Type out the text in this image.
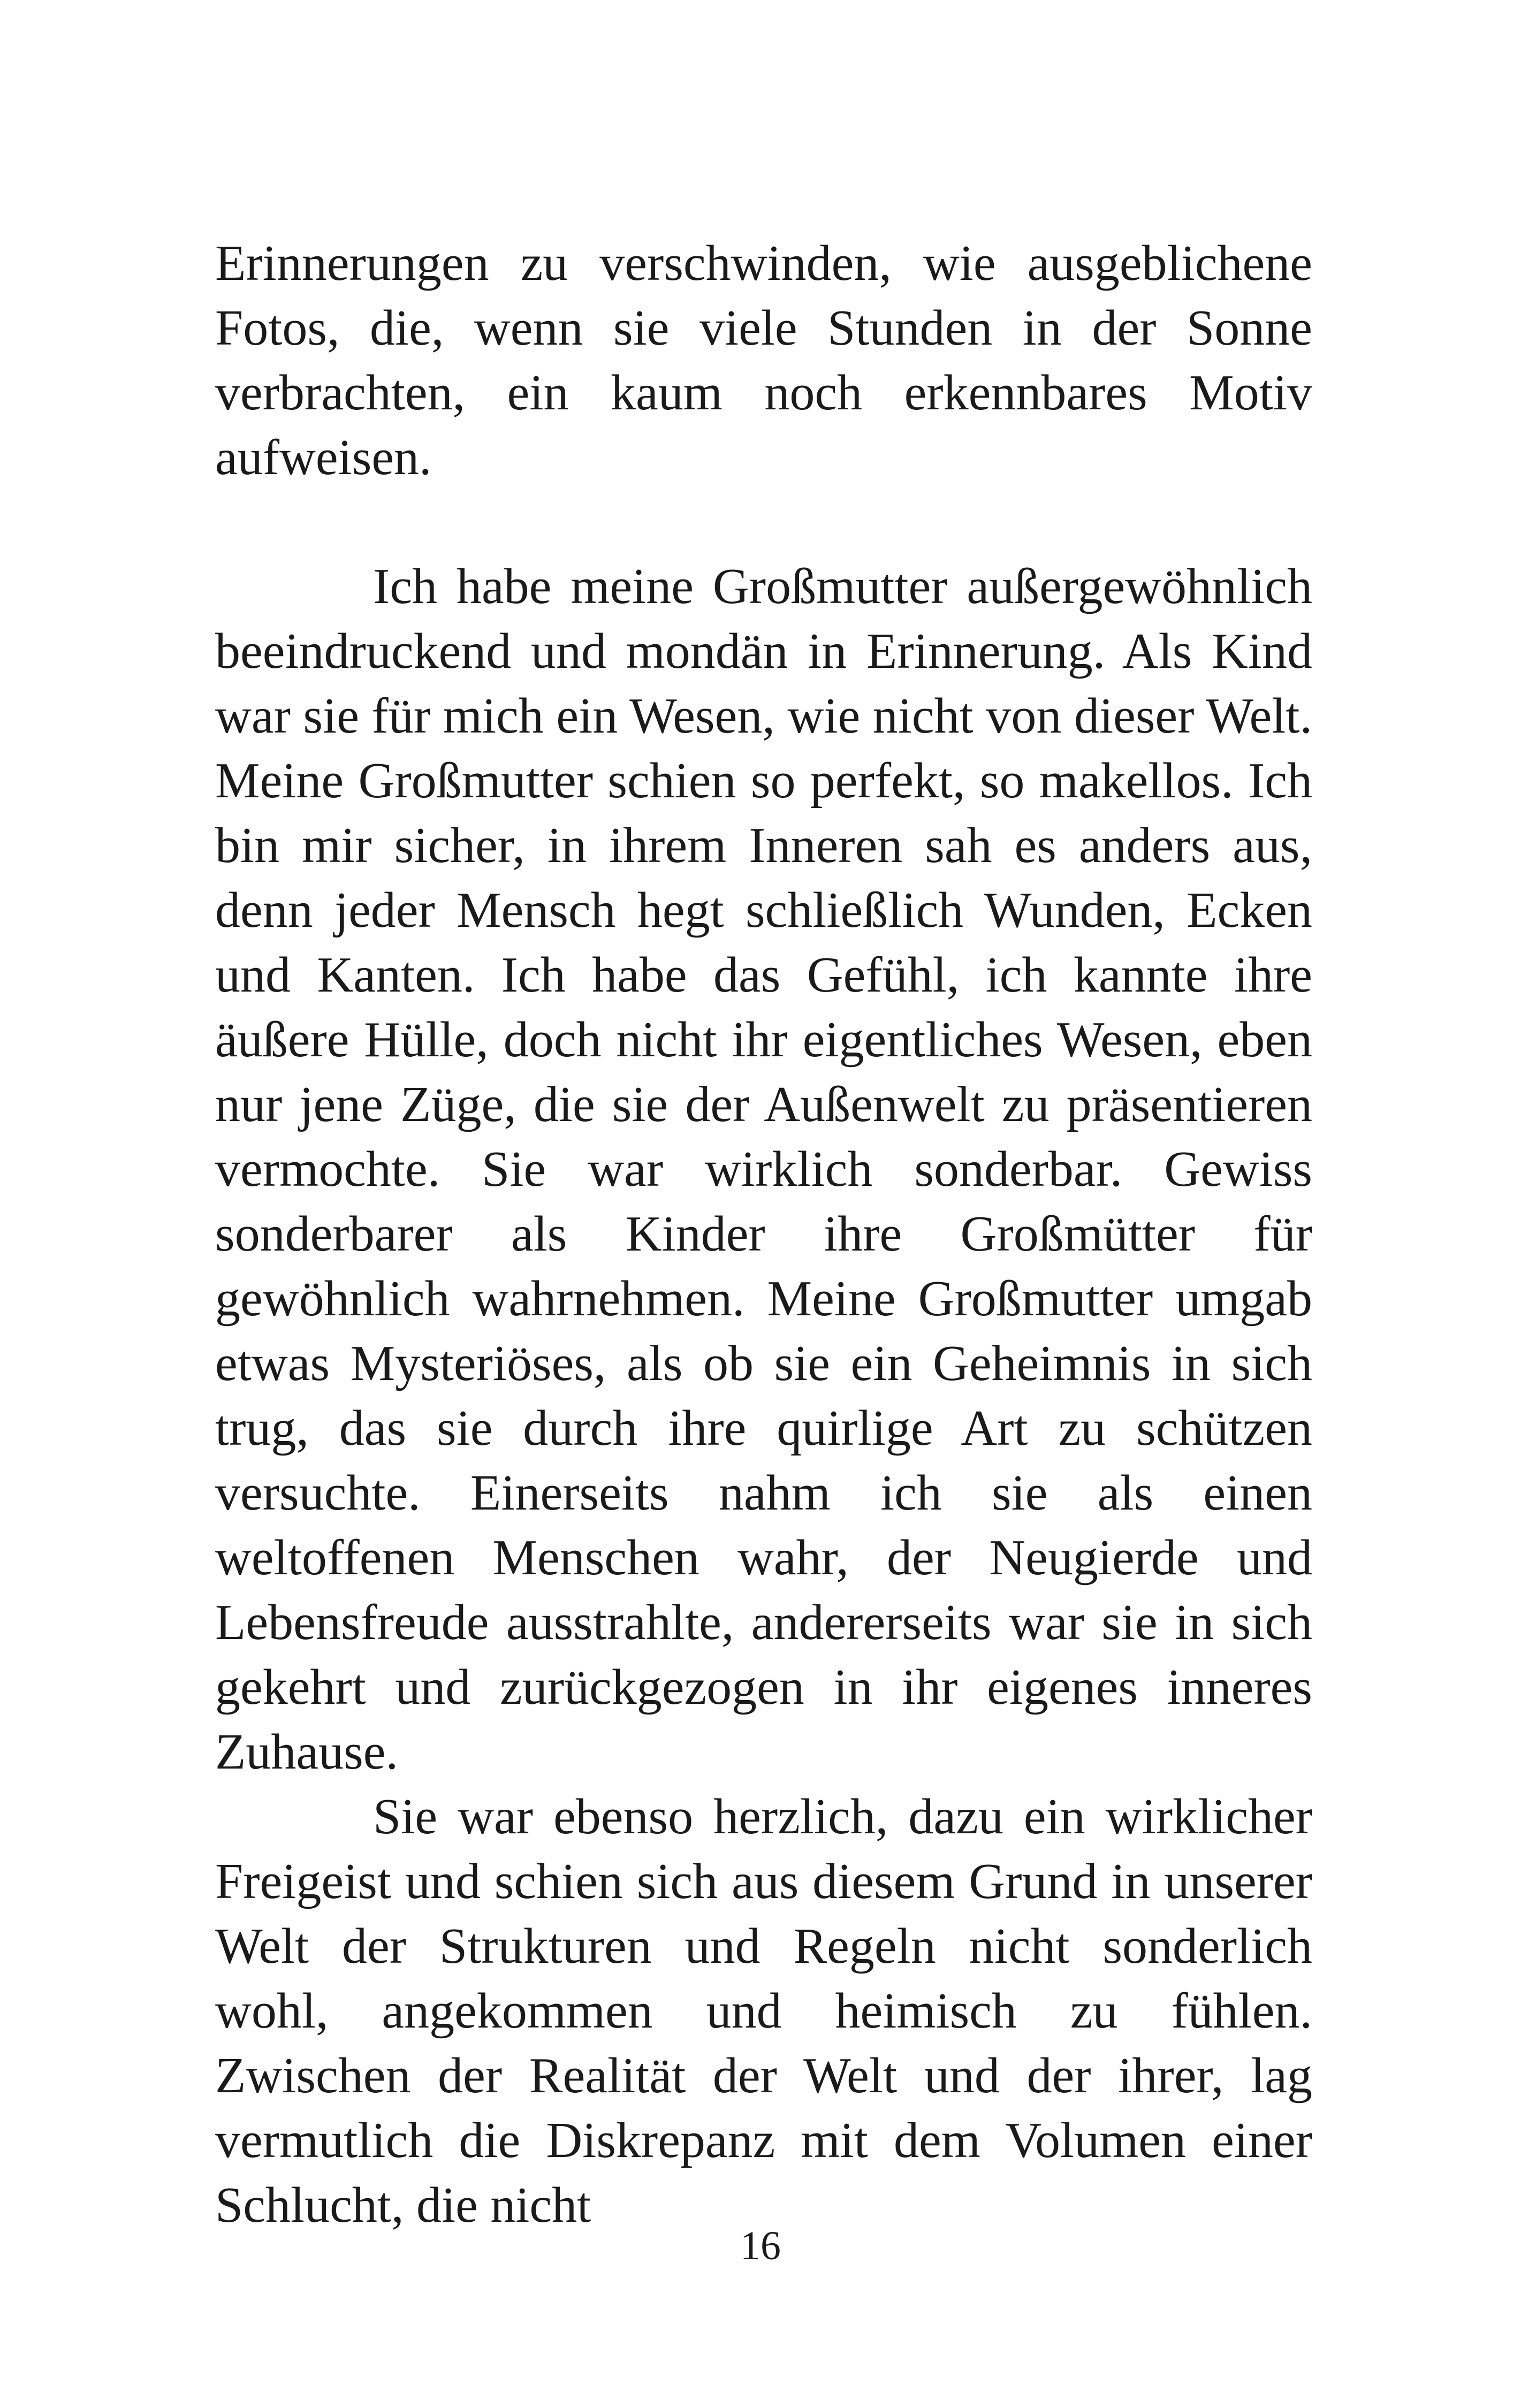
Erinnerungen zu verschwinden, wie ausgeblichene Fotos, die, wenn sie viele Stunden in der Sonne verbrachten, ein kaum noch erkennbares Motiv aufweisen.

Ich habe meine Großmutter außergewöhnlich beeindruckend und mondän in Erinnerung. Als Kind war sie für mich ein Wesen, wie nicht von dieser Welt. Meine Großmutter schien so perfekt, so makellos. Ich bin mir sicher, in ihrem Inneren sah es anders aus, denn jeder Mensch hegt schließlich Wunden, Ecken und Kanten. Ich habe das Gefühl, ich kannte ihre äußere Hülle, doch nicht ihr eigentliches Wesen, eben nur jene Züge, die sie der Außenwelt zu präsentieren vermochte. Sie war wirklich sonderbar. Gewiss sonderbarer als Kinder ihre Großmütter für gewöhnlich wahrnehmen. Meine Großmutter umgab etwas Mysteriöses, als ob sie ein Geheimnis in sich trug, das sie durch ihre quirlige Art zu schützen versuchte. Einerseits nahm ich sie als einen weltoffenen Menschen wahr, der Neugierde und Lebensfreude ausstrahlte, andererseits war sie in sich gekehrt und zurückgezogen in ihr eigenes inneres Zuhause.

Sie war ebenso herzlich, dazu ein wirklicher Freigeist und schien sich aus diesem Grund in unserer Welt der Strukturen und Regeln nicht sonderlich wohl, angekommen und heimisch zu fühlen. Zwischen der Realität der Welt und der ihrer, lag vermutlich die Diskrepanz mit dem Volumen einer Schlucht, die nicht

16
